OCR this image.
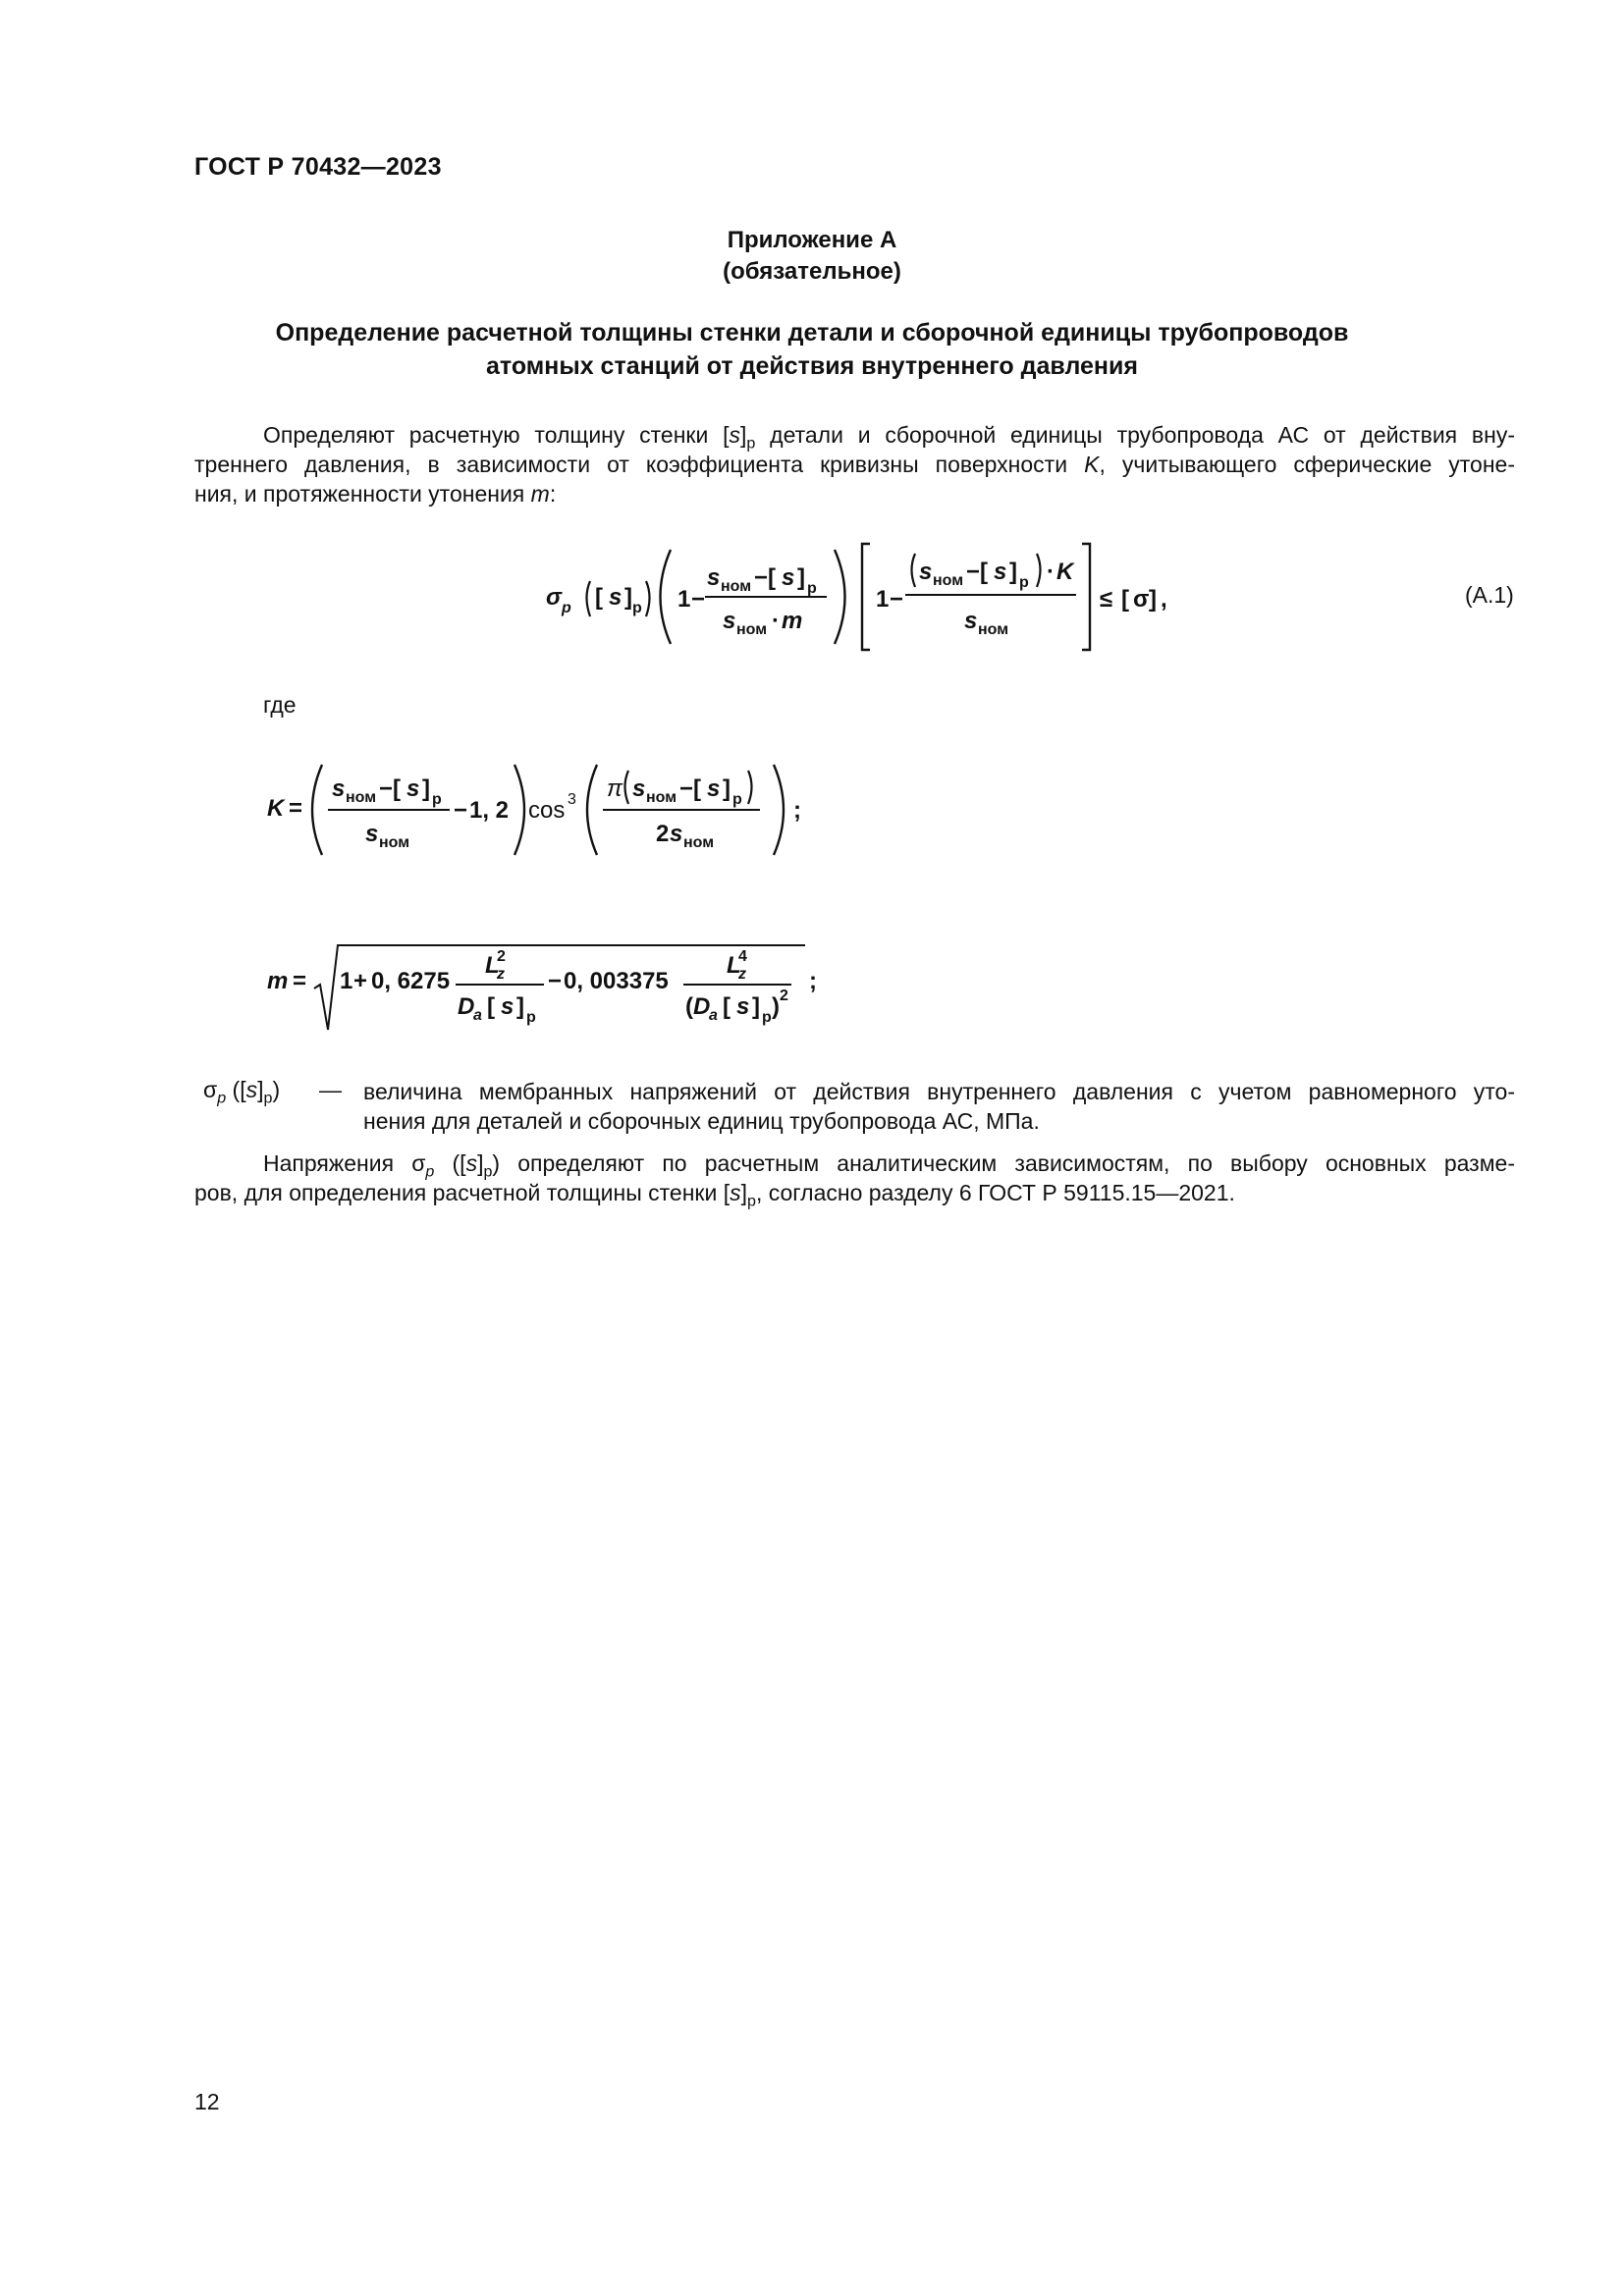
ГОСТ Р 70432—2023
Приложение А
(обязательное)
Определение расчетной толщины стенки детали и сборочной единицы трубопроводов
атомных станций от действия внутреннего давления
Определяют расчетную толщину стенки $[s]_р$ детали и сборочной единицы трубопровода АС от действия вну-
треннего давления, в зависимости от коэффициента кривизны поверхности K, учитывающего сферические утоне-
ния, и протяженности утонения m:
σ p [ s ] р 1 −
s ном − [ s ] р
s ном · m
1 −
s ном − [ s ] р · K
s ном
≤ [ σ ] ,	(А.1)
где
K =
s ном − [ s ] р
s ном
− 1, 2 cos 3 π s ном − [ s ] р
2 s ном
;
m = 1 + 0, 6275
L
z
2
D
a [ s ] р
− 0, 003375
L
z
4
( D
a [ s ] р ) 2
;
$\sigma_p$ $([s]_р)$ — величина мембранных напряжений от действия внутреннего давления с учетом равномерного уто-
нения для деталей и сборочных единиц трубопровода АС, МПа.
Напряжения $\sigma_p$ $([s]_р)$ определяют по расчетным аналитическим зависимостям, по выбору основных разме-
ров, для определения расчетной толщины стенки $[s]_р$, согласно разделу 6 ГОСТ Р 59115.15—2021.
12
